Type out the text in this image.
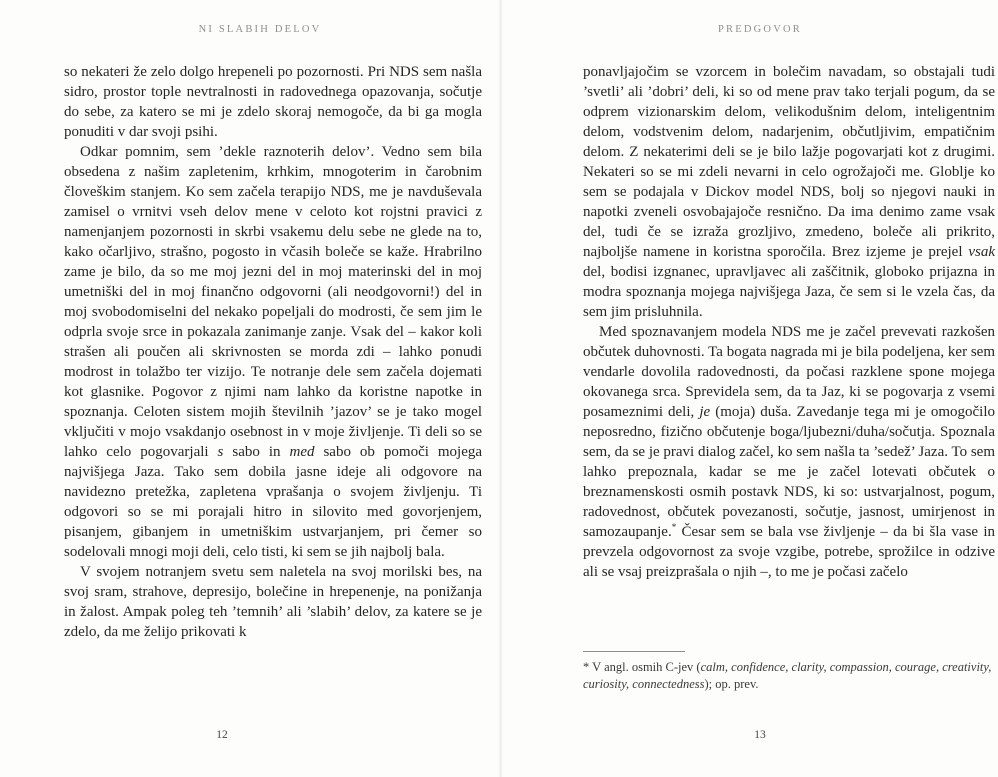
NI SLABIH DELOV

so nekateri že zelo dolgo hrepeneli po pozornosti. Pri NDS sem našla sidro, prostor tople nevtralnosti in radovednega opazovanja, sočutje do sebe, za katero se mi je zdelo skoraj nemogoče, da bi ga mogla ponuditi v dar svoji psihi.

Odkar pomnim, sem ’dekle raznoterih delov’. Vedno sem bila obsedena z našim zapletenim, krhkim, mnogoterim in čarobnim človeškim stanjem. Ko sem začela terapijo NDS, me je navduševala zamisel o vrnitvi vseh delov mene v celoto kot rojstni pravici z namenjanjem pozornosti in skrbi vsakemu delu sebe ne glede na to, kako očarljivo, strašno, pogosto in včasih boleče se kaže. Hrabrilno zame je bilo, da so me moj jezni del in moj materinski del in moj umetniški del in moj finančno odgovorni (ali neodgovorni!) del in moj svobodomiselni del nekako popeljali do modrosti, če sem jim le odprla svoje srce in pokazala zanimanje zanje. Vsak del – kakor koli strašen ali poučen ali skrivnosten se morda zdi – lahko ponudi modrost in tolažbo ter vizijo. Te notranje dele sem začela dojemati kot glasnike. Pogovor z njimi nam lahko da koristne napotke in spoznanja. Celoten sistem mojih številnih ’jazov’ se je tako mogel vključiti v mojo vsakdanjo osebnost in v moje življenje. Ti deli so se lahko celo pogovarjali s sabo in med sabo ob pomoči mojega najvišjega Jaza. Tako sem dobila jasne ideje ali odgovore na navidezno pretežka, zapletena vprašanja o svojem življenju. Ti odgovori so se mi porajali hitro in silovito med govorjenjem, pisanjem, gibanjem in umetniškim ustvarjanjem, pri čemer so sodelovali mnogi moji deli, celo tisti, ki sem se jih najbolj bala.

V svojem notranjem svetu sem naletela na svoj morilski bes, na svoj sram, strahove, depresijo, bolečine in hrepenenje, na ponižanja in žalost. Ampak poleg teh ’temnih’ ali ’slabih’ delov, za katere se je zdelo, da me želijo prikovati k

12
PREDGOVOR

ponavljajočim se vzorcem in bolečim navadam, so obstajali tudi ’svetli’ ali ’dobri’ deli, ki so od mene prav tako terjali pogum, da se odprem vizionarskim delom, velikodušnim delom, inteligentnim delom, vodstvenim delom, nadarjenim, občutljivim, empatičnim delom. Z nekaterimi deli se je bilo lažje pogovarjati kot z drugimi. Nekateri so se mi zdeli nevarni in celo ogrožajoči me. Globlje ko sem se podajala v Dickov model NDS, bolj so njegovi nauki in napotki zveneli osvobajajoče resnično. Da ima denimo zame vsak del, tudi če se izraža grozljivo, zmedeno, boleče ali prikrito, najboljše namene in koristna sporočila. Brez izjeme je prejel vsak del, bodisi izgnanec, upravljavec ali zaščitnik, globoko prijazna in modra spoznanja mojega najvišjega Jaza, če sem si le vzela čas, da sem jim prisluhnila.

Med spoznavanjem modela NDS me je začel prevevati razkošen občutek duhovnosti. Ta bogata nagrada mi je bila podeljena, ker sem vendarle dovolila radovednosti, da počasi razklene spone mojega okovanega srca. Sprevidela sem, da ta Jaz, ki se pogovarja z vsemi posameznimi deli, je (moja) duša. Zavedanje tega mi je omogočilo neposredno, fizično občutenje boga/ljubezni/duha/sočutja. Spoznala sem, da se je pravi dialog začel, ko sem našla ta ’sedež’ Jaza. To sem lahko prepoznala, kadar se me je začel lotevati občutek o breznamenskosti osmih postavk NDS, ki so: ustvarjalnost, pogum, radovednost, občutek povezanosti, sočutje, jasnost, umirjenost in samozaupanje.* Česar sem se bala vse življenje – da bi šla vase in prevzela odgovornost za svoje vzgibe, potrebe, sprožilce in odzive ali se vsaj preizprašala o njih –, to me je počasi začelo

* V angl. osmih C-jev (calm, confidence, clarity, compassion, courage, creativity, curiosity, connectedness); op. prev.
13
